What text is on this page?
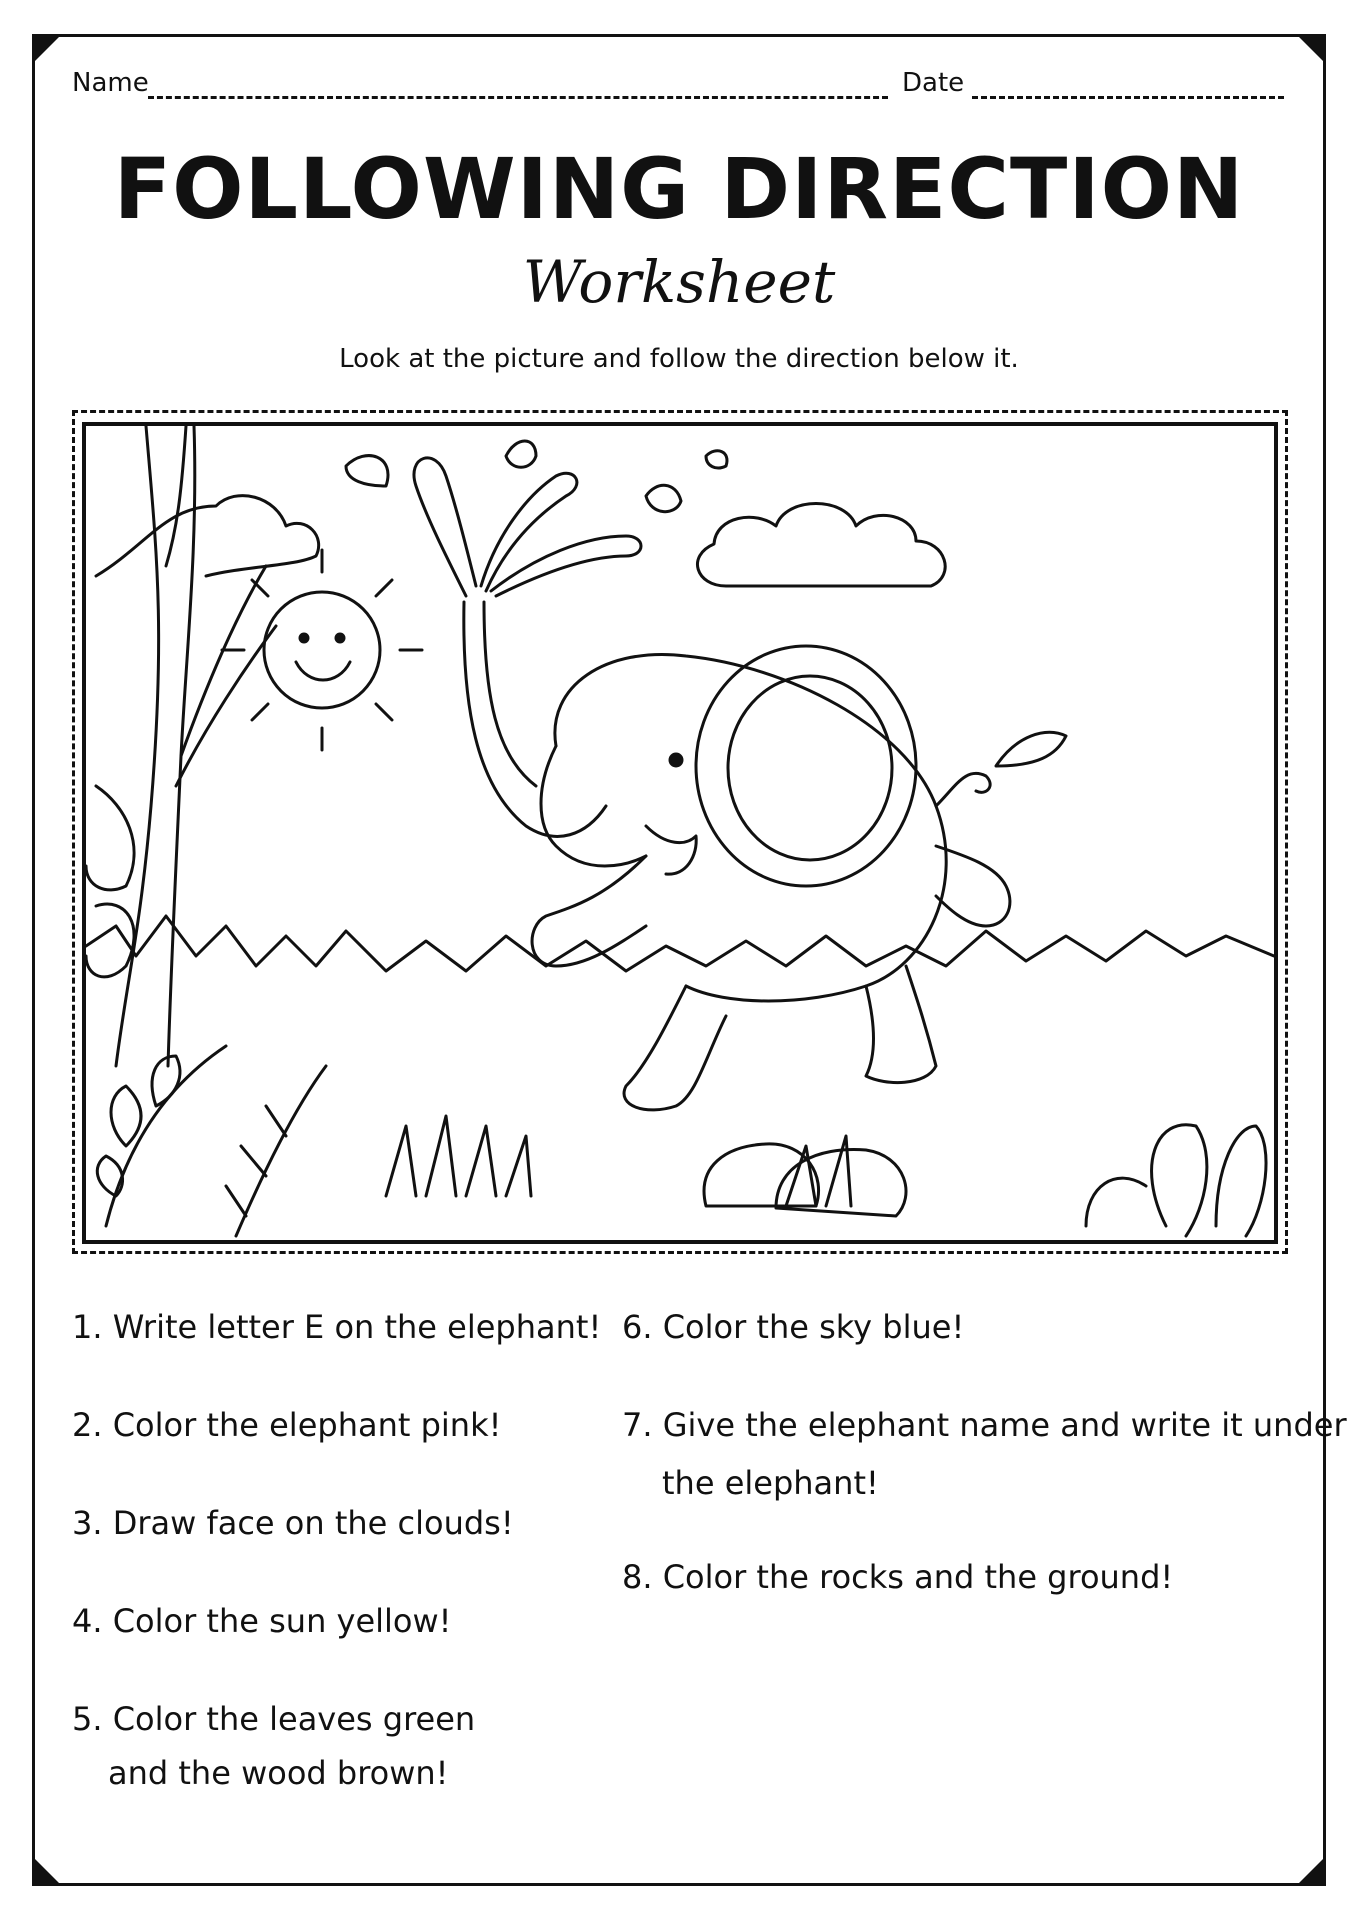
Name	Date
FOLLOWING DIRECTION
Worksheet
Look at the picture and follow the direction below it.
1. Write letter E on the elephant!
2. Color the elephant pink!
3. Draw face on the clouds!
4. Color the sun yellow!
5. Color the leaves green
and the wood brown!
6. Color the sky blue!
7. Give the elephant name and write it under
the elephant!
8. Color the rocks and the ground!
